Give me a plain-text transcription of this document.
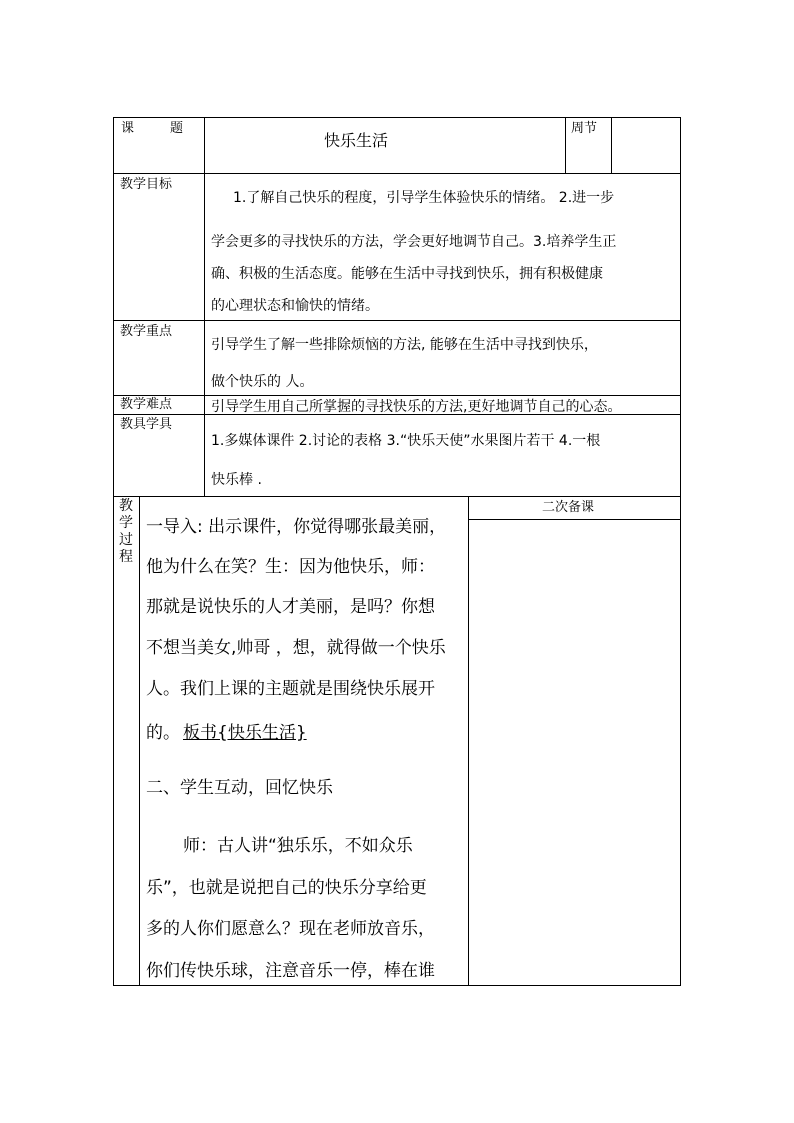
课	题
快乐生活
周节
教学目标
1.了解自己快乐的程度，引导学生体验快乐的情绪。 2.进一步
学会更多的寻找快乐的方法，学会更好地调节自己。3.培养学生正
确、积极的生活态度。能够在生活中寻找到快乐，拥有积极健康
的心理状态和愉快的情绪。
教学重点
引导学生了解一些排除烦恼的方法, 能够在生活中寻找到快乐，
做个快乐的 人。
教学难点	引导学生用自己所掌握的寻找快乐的方法,更好地调节自己的心态。
教具学具
1.多媒体课件 2.讨论的表格 3.“快乐天使”水果图片若干 4.一根
快乐棒 .
教
学
过
程
二次备课
一导入: 出示课件，你觉得哪张最美丽，
他为什么在笑？生：因为他快乐，师：
那就是说快乐的人才美丽，是吗？你想
不想当美女,帅哥 ，想，就得做一个快乐
人。我们上课的主题就是围绕快乐展开
的。 板书{快乐生活}
二、学生互动，回忆快乐
师：古人讲“独乐乐，不如众乐
乐”，也就是说把自己的快乐分享给更
多的人你们愿意么？现在老师放音乐，
你们传快乐球，注意音乐一停，棒在谁
